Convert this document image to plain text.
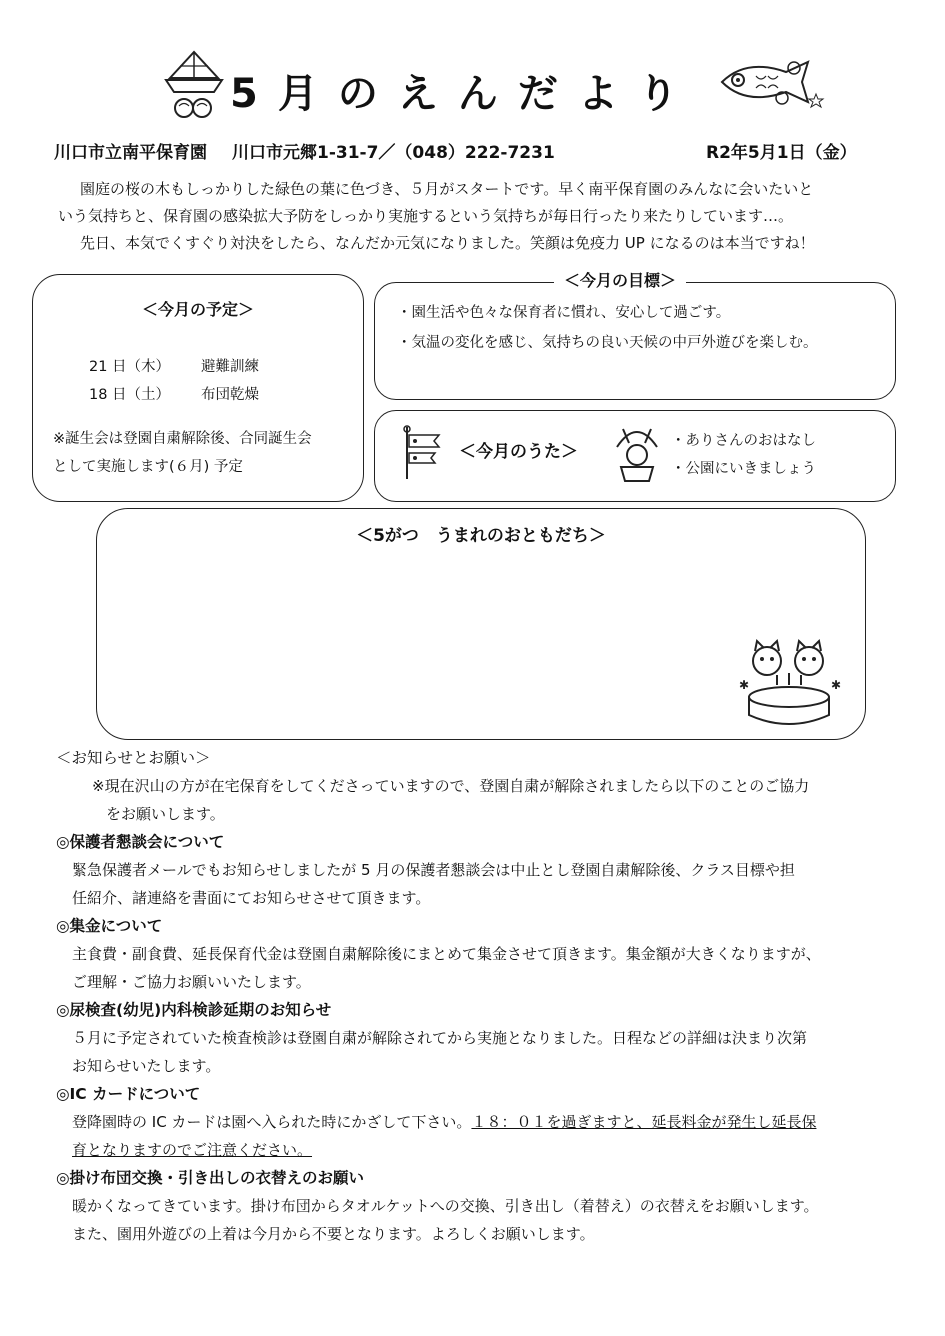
5月のえんだより
川口市立南平保育園 川口市元郷1-31-7／（048）222-7231	R2年5月1日（金）

園庭の桜の木もしっかりした緑色の葉に色づき、５月がスタートです。早く南平保育園のみんなに会いたいと

いう気持ちと、保育園の感染拡大予防をしっかり実施するという気持ちが毎日行ったり来たりしています…。

先日、本気でくすぐり対決をしたら、なんだか元気になりました。笑顔は免疫力 UP になるのは本当ですね！

＜今月の予定＞
21 日（木） 避難訓練
18 日（土） 布団乾燥
※誕生会は登園自粛解除後、合同誕生会
として実施します(６月) 予定
・園生活や色々な保育者に慣れ、安心して過ごす。
・気温の変化を感じ、気持ちの良い天候の中戸外遊びを楽しむ。
＜今月の目標＞
＜今月のうた＞
・ありさんのおはなし
・公園にいきましょう
＜5がつ　うまれのおともだち＞
✱	✱

＜お知らせとお願い＞

※現在沢山の方が在宅保育をしてくださっていますので、登園自粛が解除されましたら以下のことのご協力

をお願いします。

◎保護者懇談会について

緊急保護者メールでもお知らせしましたが 5 月の保護者懇談会は中止とし登園自粛解除後、クラス目標や担

任紹介、諸連絡を書面にてお知らせさせて頂きます。

◎集金について

主食費・副食費、延長保育代金は登園自粛解除後にまとめて集金させて頂きます。集金額が大きくなりますが、

ご理解・ご協力お願いいたします。

◎尿検査(幼児)内科検診延期のお知らせ

５月に予定されていた検査検診は登園自粛が解除されてから実施となりました。日程などの詳細は決まり次第

お知らせいたします。

◎IC カードについて

登降園時の IC カードは園へ入られた時にかざして下さい。１８：０１を過ぎますと、延長料金が発生し延長保

育となりますのでご注意ください。

◎掛け布団交換・引き出しの衣替えのお願い

暖かくなってきています。掛け布団からタオルケットへの交換、引き出し（着替え）の衣替えをお願いします。

また、園用外遊びの上着は今月から不要となります。よろしくお願いします。
